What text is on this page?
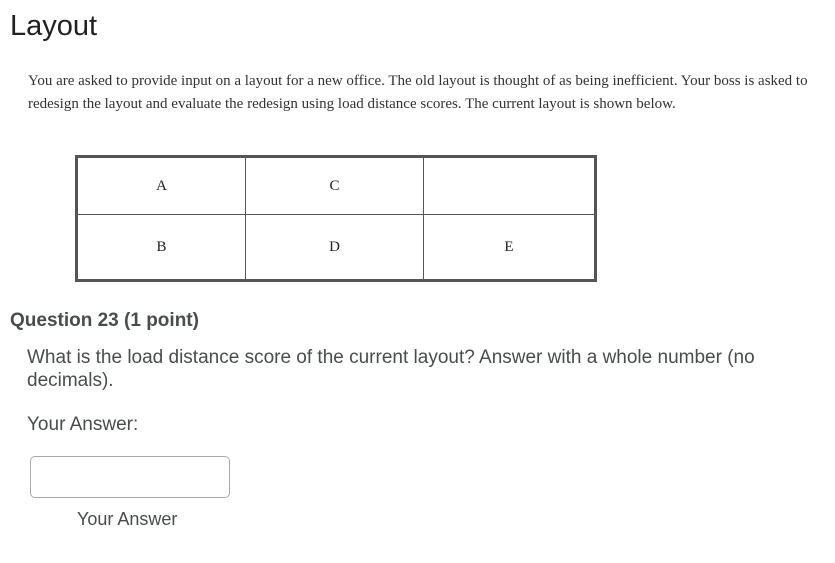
Layout

You are asked to provide input on a layout for a new office. The old layout is thought of as being inefficient. Your boss is asked to redesign the layout and evaluate the redesign using load distance scores. The current layout is shown below.

A	C	
B	D	E
Question 23 (1 point)

What is the load distance score of the current layout? Answer with a whole number (no decimals).

Your Answer:

Your Answer
